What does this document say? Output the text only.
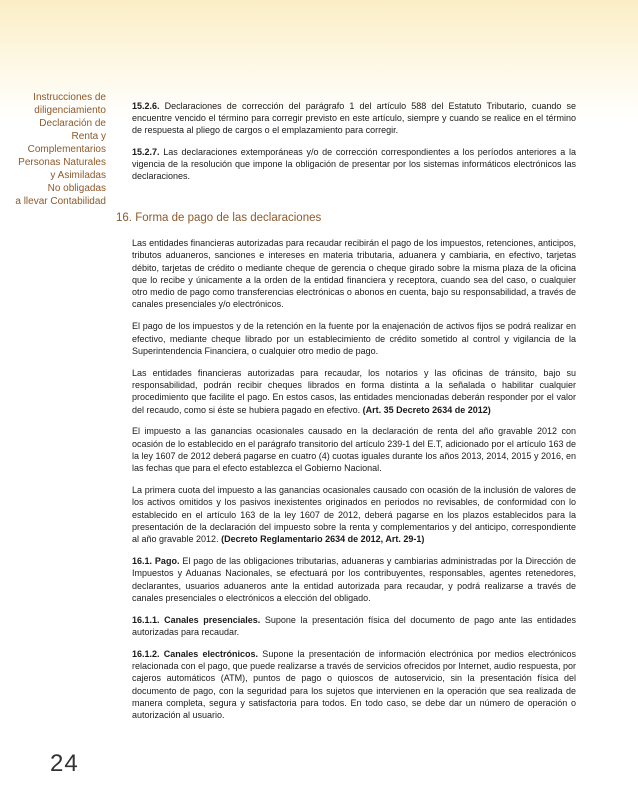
Instrucciones de
diligenciamiento
Declaración de
Renta y
Complementarios
Personas Naturales
y Asimiladas
No obligadas
a llevar Contabilidad

15.2.6. Declaraciones de corrección del parágrafo 1 del artículo 588 del Estatuto Tributario, cuando se encuentre vencido el término para corregir previsto en este artículo, siempre y cuando se realice en el término de respuesta al pliego de cargos o el emplazamiento para corregir.

15.2.7. Las declaraciones extemporáneas y/o de corrección correspondientes a los períodos anteriores a la vigencia de la resolución que impone la obligación de presentar por los sistemas informáticos electrónicos las declaraciones.

16. Forma de pago de las declaraciones

Las entidades financieras autorizadas para recaudar recibirán el pago de los impuestos, retenciones, anticipos, tributos aduaneros, sanciones e intereses en materia tributaria, aduanera y cambiaria, en efectivo, tarjetas débito, tarjetas de crédito o mediante cheque de gerencia o cheque girado sobre la misma plaza de la oficina que lo recibe y únicamente a la orden de la entidad financiera y receptora, cuando sea del caso, o cualquier otro medio de pago como transferencias electrónicas o abonos en cuenta, bajo su responsabilidad, a través de canales presenciales y/o electrónicos.

El pago de los impuestos y de la retención en la fuente por la enajenación de activos fijos se podrá realizar en efectivo, mediante cheque librado por un establecimiento de crédito sometido al control y vigilancia de la Superintendencia Financiera, o cualquier otro medio de pago.

Las entidades financieras autorizadas para recaudar, los notarios y las oficinas de tránsito, bajo su responsabilidad, podrán recibir cheques librados en forma distinta a la señalada o habilitar cualquier procedimiento que facilite el pago. En estos casos, las entidades mencionadas deberán responder por el valor del recaudo, como si éste se hubiera pagado en efectivo. (Art. 35 Decreto 2634 de 2012)

El impuesto a las ganancias ocasionales causado en la declaración de renta del año gravable 2012 con ocasión de lo establecido en el parágrafo transitorio del artículo 239-1 del E.T, adicionado por el artículo 163 de la ley 1607 de 2012 deberá pagarse en cuatro (4) cuotas iguales durante los años 2013, 2014, 2015 y 2016, en las fechas que para el efecto establezca el Gobierno Nacional.

La primera cuota del impuesto a las ganancias ocasionales causado con ocasión de la inclusión de valores de los activos omitidos y los pasivos inexistentes originados en periodos no revisables, de conformidad con lo establecido en el artículo 163 de la ley 1607 de 2012, deberá pagarse en los plazos establecidos para la presentación de la declaración del impuesto sobre la renta y complementarios y del anticipo, correspondiente al año gravable 2012. (Decreto Reglamentario 2634 de 2012, Art. 29-1)

16.1. Pago. El pago de las obligaciones tributarias, aduaneras y cambiarias administradas por la Dirección de Impuestos y Aduanas Nacionales, se efectuará por los contribuyentes, responsables, agentes retenedores, declarantes, usuarios aduaneros ante la entidad autorizada para recaudar, y podrá realizarse a través de canales presenciales o electrónicos a elección del obligado.

16.1.1. Canales presenciales. Supone la presentación física del documento de pago ante las entidades autorizadas para recaudar.

16.1.2. Canales electrónicos. Supone la presentación de información electrónica por medios electrónicos relacionada con el pago, que puede realizarse a través de servicios ofrecidos por Internet, audio respuesta, por cajeros automáticos (ATM), puntos de pago o quioscos de autoservicio, sin la presentación física del documento de pago, con la seguridad para los sujetos que intervienen en la operación que sea realizada de manera completa, segura y satisfactoria para todos. En todo caso, se debe dar un número de operación o autorización al usuario.

24
